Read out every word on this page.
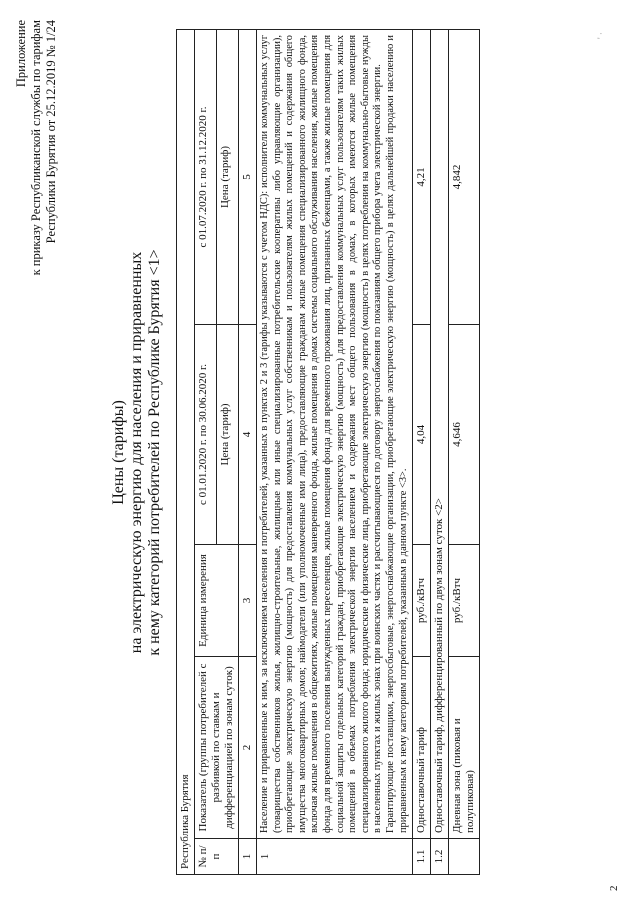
2
Приложение к приказу Республиканской службы по тарифам Республики Бурятия от 25.12.2019 № 1/24
Цены (тарифы) на электрическую энергию для населения и приравненных к нему категорий потребителей по Республике Бурятия <1>
Республика Бурятия				
№ п/п	Показатель (группы потребителей с разбивкой по ставкам и дифференциацией по зонам суток)	Единица измерения	с 01.01.2020 г. по 30.06.2020 г.	с 01.07.2020 г. по 31.12.2020 г.
			Цена (тариф)	Цена (тариф)
1	2	3	4	5
1	Население и приравненные к ним, за исключением населения и потребителей, указанных в пунктах 2 и 3 (тарифы указываются с учетом НДС): исполнители коммунальных услуг (товарищества собственников жилья, жилищно-строительные, жилищные или иные специализированные потребительские кооперативы либо управляющие организации), приобретающие электрическую энергию (мощность) для предоставления коммунальных услуг собственникам и пользователям жилых помещений и содержания общего имущества многоквартирных домов; наймодатели (или уполномоченные ими лица), предоставляющие гражданам жилые помещения специализированного жилищного фонда, включая жилые помещения в общежитиях, жилые помещения маневренного фонда, жилые помещения в домах системы социального обслуживания населения, жилые помещения фонда для временного поселения вынужденных переселенцев, жилые помещения фонда для временного проживания лиц, признанных беженцами, а также жилые помещения для социальной защиты отдельных категорий граждан, приобретающие электрическую энергию (мощность) для предоставления коммунальных услуг пользователям таких жилых помещений в объемах потребления электрической энергии населением и содержания мест общего пользования в домах, в которых имеются жилые помещения специализированного жилого фонда; юридические и физические лица, приобретающие электрическую энергию (мощность) в целях потребления на коммунально-бытовые нужды в населенных пунктах и жилых зонах при воинских частях и рассчитывающиеся по договору энергоснабжения по показаниям общего прибора учета электрической энергии. Гарантирующие поставщики, энергосбытовые, энергоснабжающие организации, приобретающие электрическую энергию (мощность) в целях дальнейшей продажи населению и приравненным к нему категориям потребителей, указанным в данном пункте <3>.			

1.1	Одноставочный тариф	руб./кВтч	4,04	4,21
1.2	Одноставочный тариф, дифференцированный по двум зонам суток <2>			
	Дневная зона (пиковая и полупиковая)	руб./кВтч	4,646	4,842
' ·
